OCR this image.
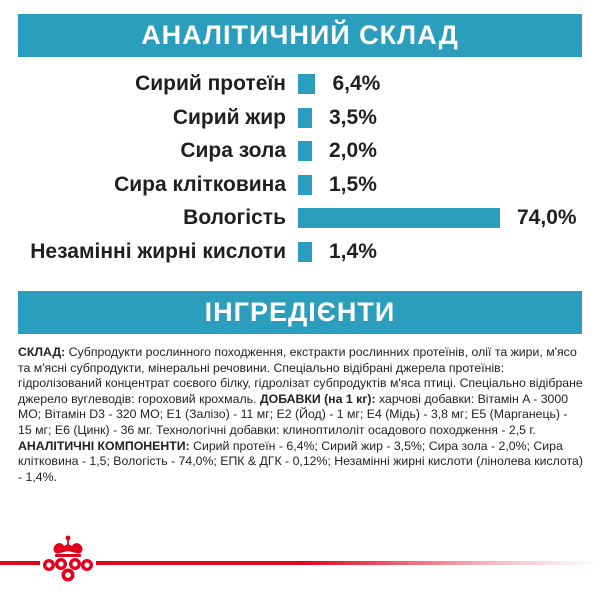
АНАЛІТИЧНИЙ СКЛАД
Сирий протеїн 6,4%
Сирий жир 3,5%
Сира зола 2,0%
Сира клітковина 1,5%
Вологість	74,0%
Незамінні жирні кислоти 1,4%
ІНГРЕДІЄНТИ
СКЛАД: Субпродукти рослинного походження, екстракти рослинних протеїнів, олії та жири, м'ясо та м'ясні субпродукти, мінеральні речовини. Спеціально відібрані джерела протеїнів: гідролізований концентрат соєвого білку, гідролізат субпродуктів м'яса птиці. Спеціально відібране джерело вуглеводів: гороховий крохмаль. ДОБАВКИ (на 1 кг): харчові добавки: Вітамін A - 3000 МО; Вітамін D3 - 320 МО; E1 (Залізо) - 11 мг; E2 (Йод) - 1 мг; E4 (Мідь) - 3,8 мг; E5 (Марганець) - 15 мг; E6 (Цинк) - 36 мг. Технологічні добавки: клиноптилоліт осадового походження - 2,5 г. АНАЛІТИЧНІ КОМПОНЕНТИ: Сирий протеїн - 6,4%; Сирий жир - 3,5%; Сира зола - 2,0%; Сира клітковина - 1,5; Вологість - 74,0%; ЕПК & ДГК - 0,12%; Незамінні жирні кислоти (лінолева кислота) - 1,4%.
